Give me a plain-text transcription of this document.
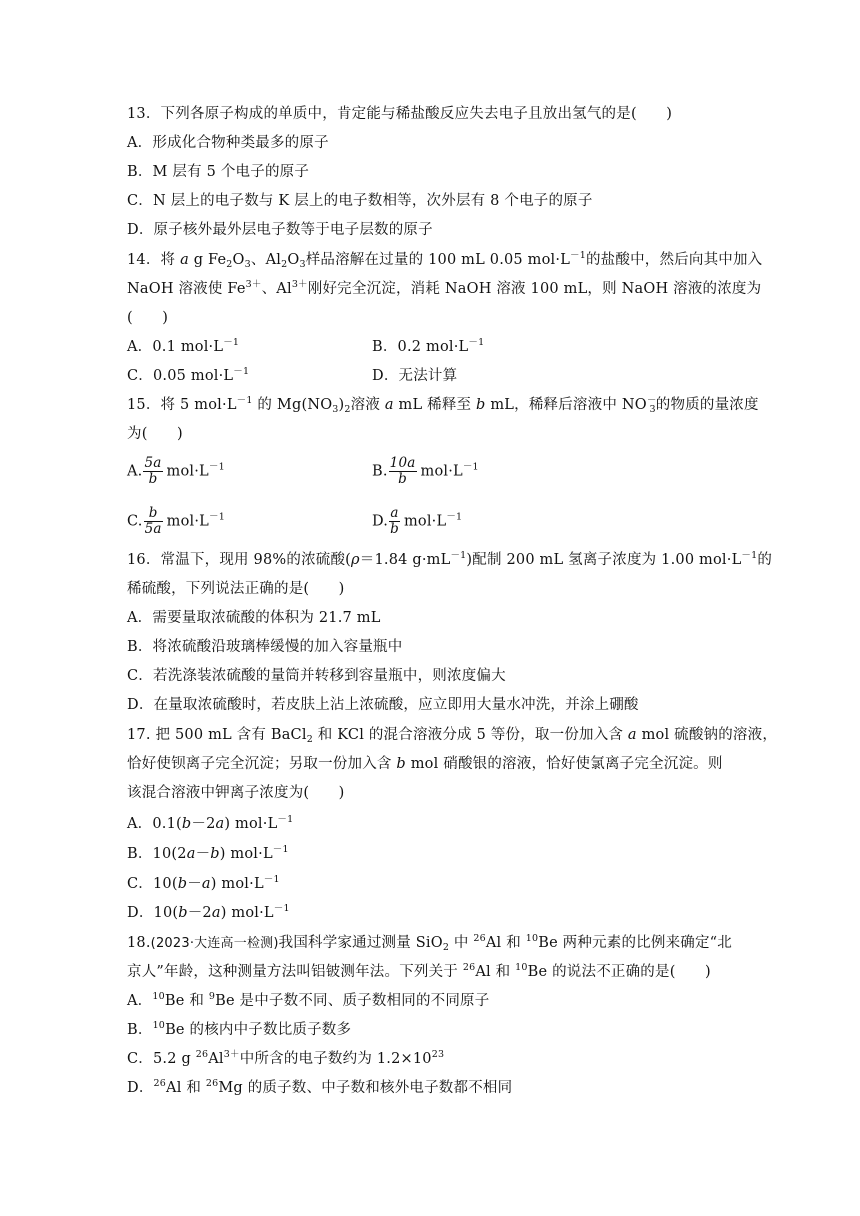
13．下列各原子构成的单质中，肯定能与稀盐酸反应失去电子且放出氢气的是(　　)
A．形成化合物种类最多的原子
B．M 层有 5 个电子的原子
C．N 层上的电子数与 K 层上的电子数相等，次外层有 8 个电子的原子
D．原子核外最外层电子数等于电子层数的原子
14．将 a g $Fe_2O_3$、$Al_2O_3$样品溶解在过量的 100 mL 0.05 $mol\cdot L^{-1}$的盐酸中，然后向其中加入
NaOH 溶液使 $Fe^{3+}$、$Al^{3+}$刚好完全沉淀，消耗 NaOH 溶液 100 mL，则 NaOH 溶液的浓度为
(　　)
A．0.1 $mol\cdot L^{-1}$	B．0.2 $mol\cdot L^{-1}$
C．0.05 $mol\cdot L^{-1}$	D．无法计算
15．将 5 $mol\cdot L^{-1}$ 的 $Mg(NO_3)_2$溶液 a mL 稀释至 b mL，稀释后溶液中 $NO^-_3$的物质的量浓度
为(　　)
A. $\frac{5a}{b} mol\cdot L^{-1}$	B. $\frac{10a}{b} mol\cdot L^{-1}$
C. $\frac{b}{5a} mol\cdot L^{-1}$	D. $\frac{a}{b} mol\cdot L^{-1}$
16．常温下，现用 98%的浓硫酸(ρ＝1.84 $g\cdot mL^{-1}$)配制 200 mL 氢离子浓度为 1.00 $mol\cdot L^{-1}$的
稀硫酸，下列说法正确的是(　　)
A．需要量取浓硫酸的体积为 21.7 mL
B．将浓硫酸沿玻璃棒缓慢的加入容量瓶中
C．若洗涤装浓硫酸的量筒并转移到容量瓶中，则浓度偏大
D．在量取浓硫酸时，若皮肤上沾上浓硫酸，应立即用大量水冲洗，并涂上硼酸
17. 把 500 mL 含有 BaCl$_2$ 和 KCl 的混合溶液分成 5 等份，取一份加入含 a mol 硫酸钠的溶液，
恰好使钡离子完全沉淀；另取一份加入含 b mol 硝酸银的溶液，恰好使氯离子完全沉淀。则
该混合溶液中钾离子浓度为(　　)
A．0.1(b－2a) $mol\cdot L^{-1}$
B．10(2a－b) $mol\cdot L^{-1}$
C．10(b－a) $mol\cdot L^{-1}$
D．10(b－2a) $mol\cdot L^{-1}$
18.(2023·大连高一检测)我国科学家通过测量 SiO$_2$ 中 $^{26}$Al 和 $^{10}$Be 两种元素的比例来确定“北
京人”年龄，这种测量方法叫铝铍测年法。下列关于 $^{26}$Al 和 $^{10}$Be 的说法不正确的是(　　)
A．$^{10}$Be 和 $^9$Be 是中子数不同、质子数相同的不同原子
B．$^{10}$Be 的核内中子数比质子数多
C．5.2 g $^{26}Al^{3+}$中所含的电子数约为 $1.2\times 10^{23}$
D．$^{26}$Al 和 $^{26}$Mg 的质子数、中子数和核外电子数都不相同
